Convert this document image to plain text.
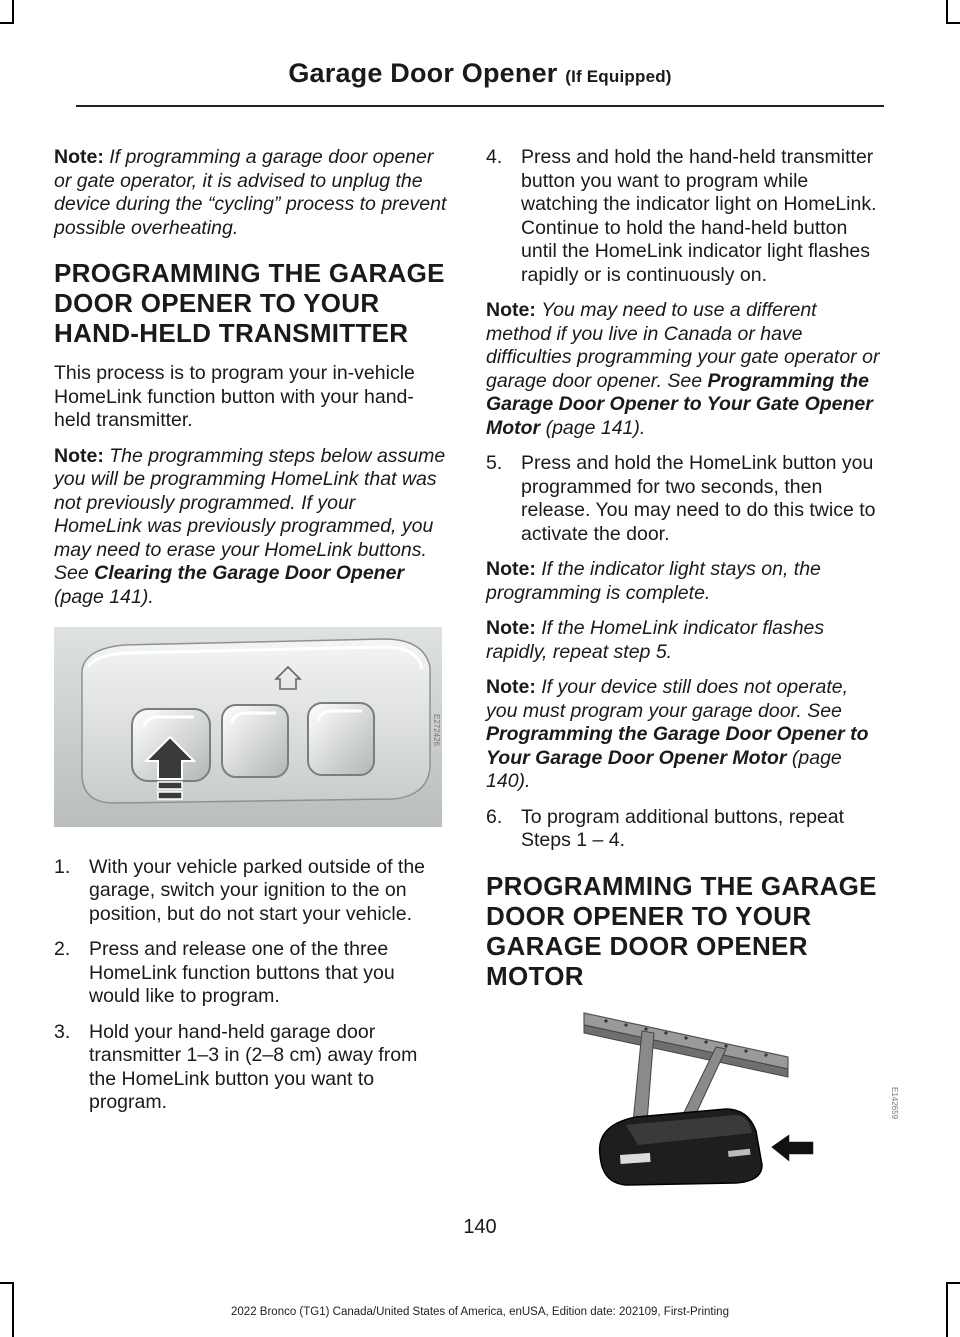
Garage Door Opener (If Equipped)

Note: If programming a garage door opener or gate operator, it is advised to unplug the device during the “cycling” process to prevent possible overheating.

PROGRAMMING THE GARAGE DOOR OPENER TO YOUR HAND-HELD TRANSMITTER

This process is to program your in-vehicle HomeLink function button with your hand-held transmitter.

Note: The programming steps below assume you will be programming HomeLink that was not previously programmed. If your HomeLink was previously programmed, you may need to erase your HomeLink buttons. See Clearing the Garage Door Opener (page 141).

E272426
1. With your vehicle parked outside of the garage, switch your ignition to the on position, but do not start your vehicle.
2. Press and release one of the three HomeLink function buttons that you would like to program.
3. Hold your hand-held garage door transmitter 1–3 in (2–8 cm) away from the HomeLink button you want to program.
4. Press and hold the hand-held transmitter button you want to program while watching the indicator light on HomeLink. Continue to hold the hand-held button until the HomeLink indicator light flashes rapidly or is continuously on.

Note: You may need to use a different method if you live in Canada or have difficulties programming your gate operator or garage door opener. See Programming the Garage Door Opener to Your Gate Opener Motor (page 141).

5. Press and hold the HomeLink button you programmed for two seconds, then release. You may need to do this twice to activate the door.

Note: If the indicator light stays on, the programming is complete.

Note: If the HomeLink indicator flashes rapidly, repeat step 5.

Note: If your device still does not operate, you must program your garage door. See Programming the Garage Door Opener to Your Garage Door Opener Motor (page 140).

6. To program additional buttons, repeat Steps 1 – 4.
PROGRAMMING THE GARAGE DOOR OPENER TO YOUR GARAGE DOOR OPENER MOTOR
E142659
140
2022 Bronco (TG1) Canada/United States of America, enUSA, Edition date: 202109, First-Printing
